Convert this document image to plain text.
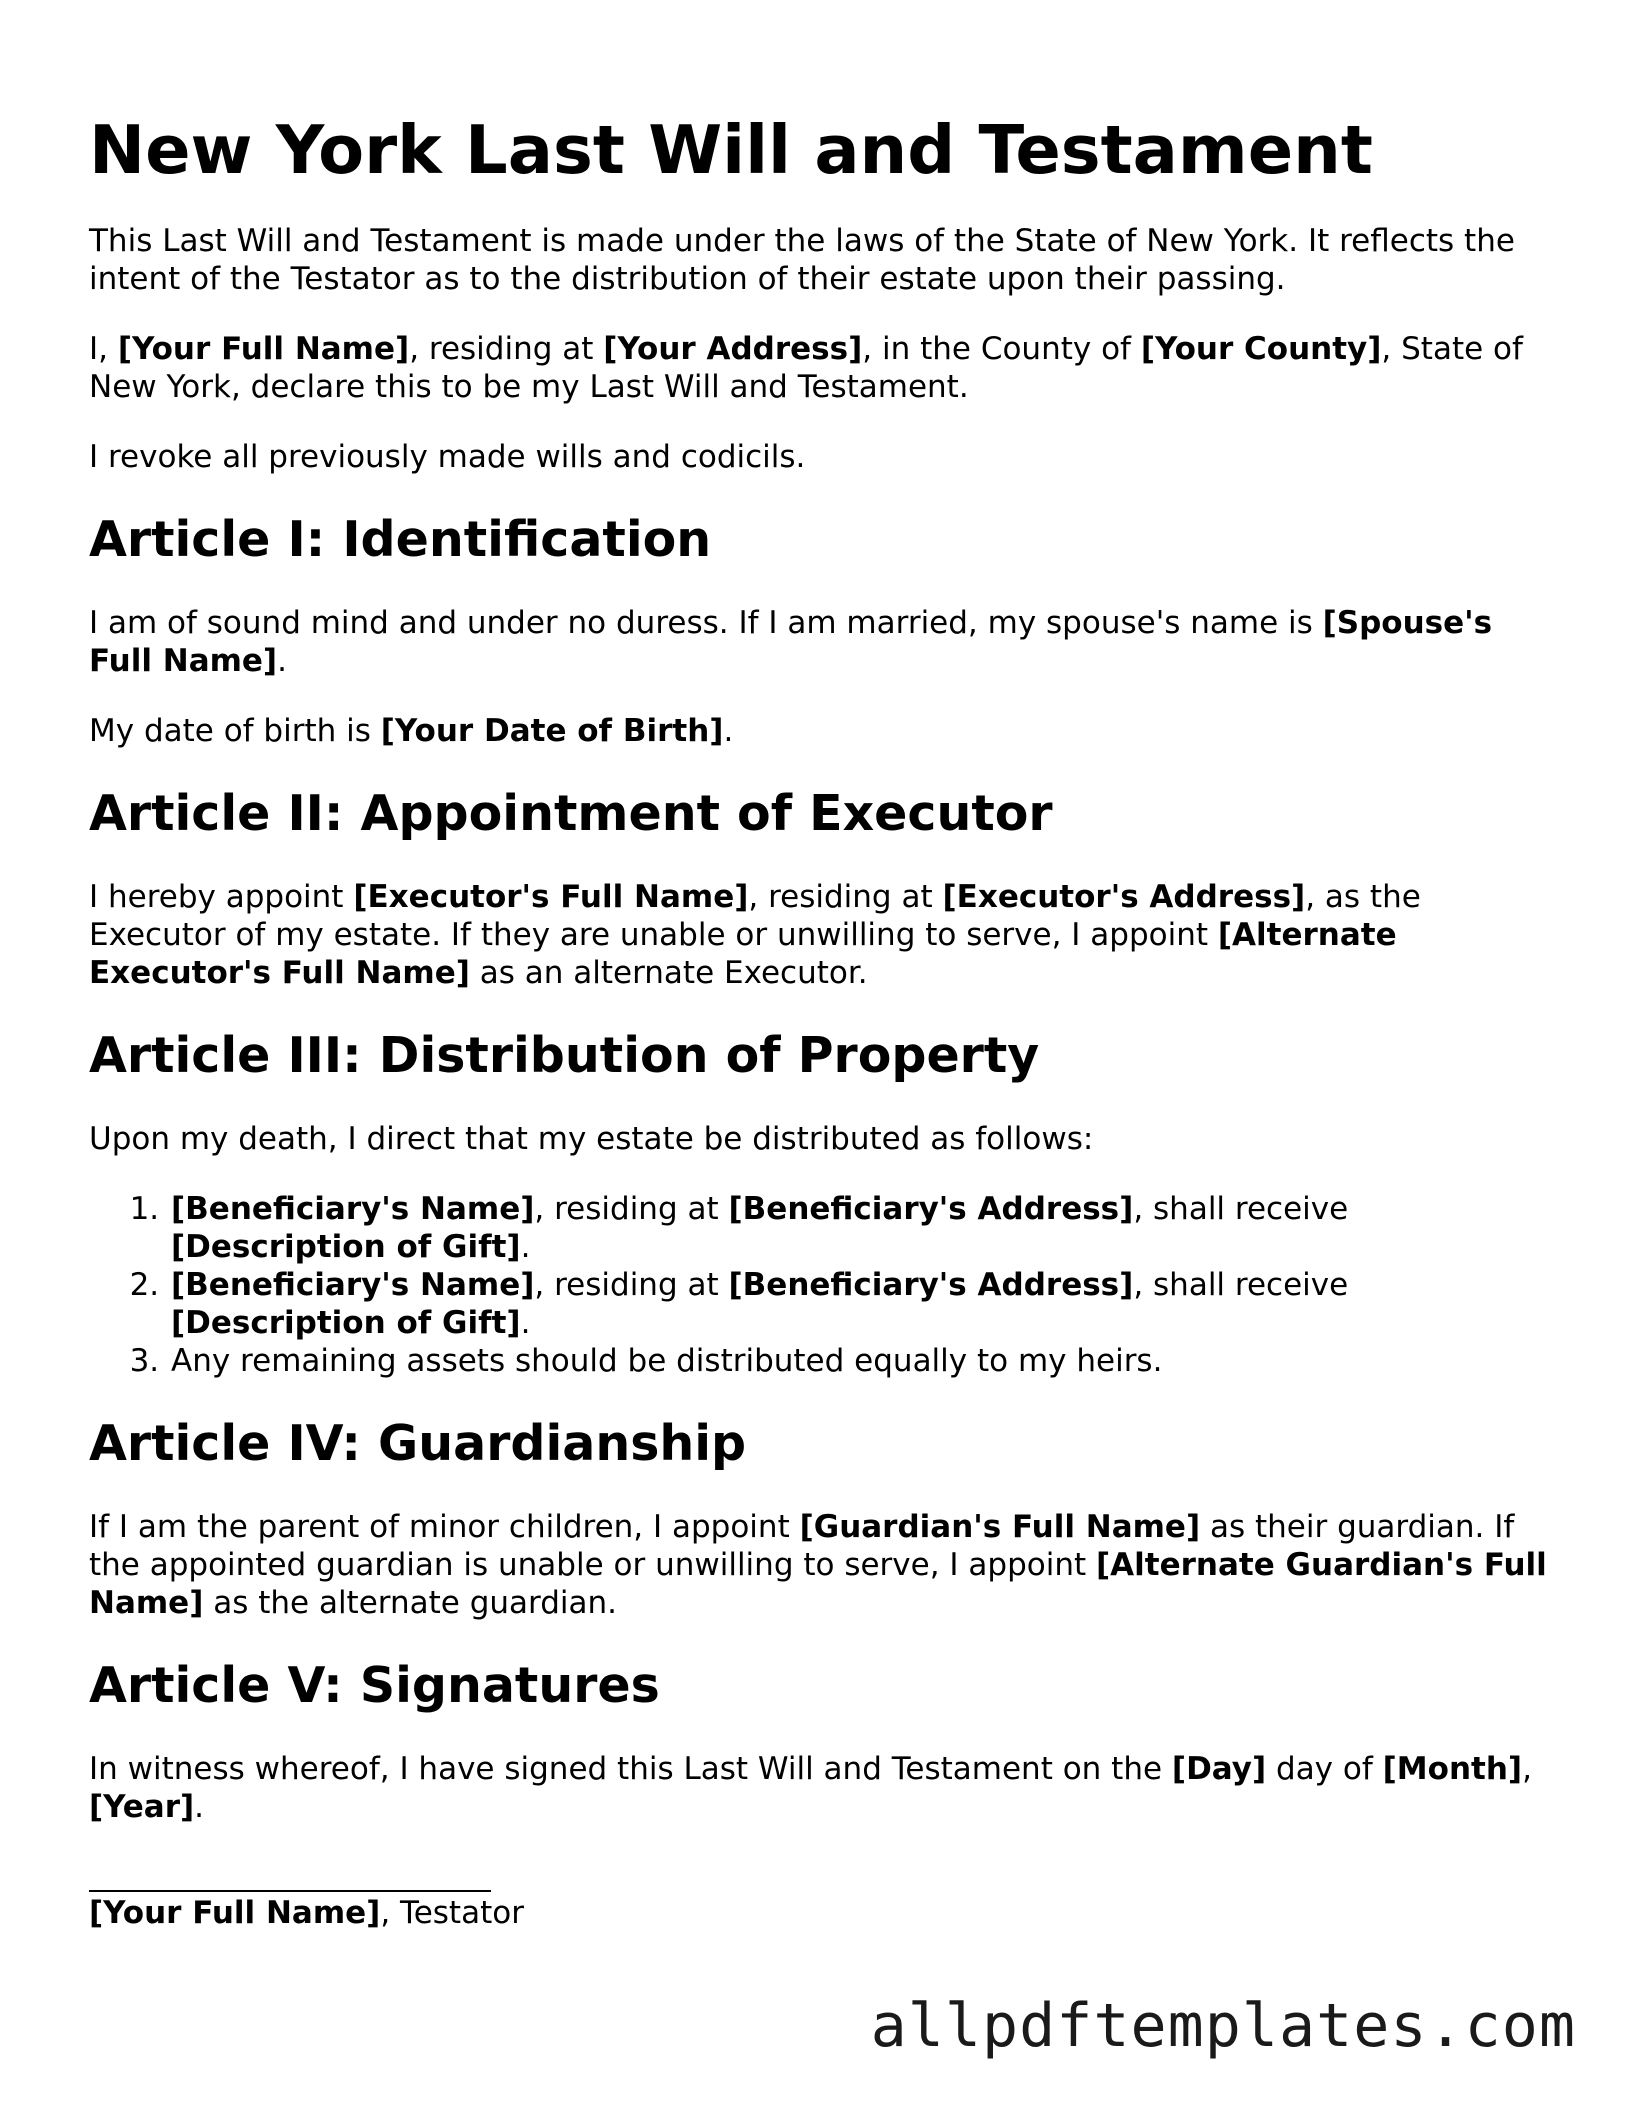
New York Last Will and Testament

This Last Will and Testament is made under the laws of the State of New York. It reflects the intent of the Testator as to the distribution of their estate upon their passing.

I, [Your Full Name], residing at [Your Address], in the County of [Your County], State of New York, declare this to be my Last Will and Testament.

I revoke all previously made wills and codicils.

Article I: Identification

I am of sound mind and under no duress. If I am married, my spouse's name is [Spouse's Full Name].

My date of birth is [Your Date of Birth].

Article II: Appointment of Executor

I hereby appoint [Executor's Full Name], residing at [Executor's Address], as the Executor of my estate. If they are unable or unwilling to serve, I appoint [Alternate Executor's Full Name] as an alternate Executor.

Article III: Distribution of Property

Upon my death, I direct that my estate be distributed as follows:

1. [Beneficiary's Name], residing at [Beneficiary's Address], shall receive [Description of Gift].
2. [Beneficiary's Name], residing at [Beneficiary's Address], shall receive [Description of Gift].
3. Any remaining assets should be distributed equally to my heirs.
Article IV: Guardianship

If I am the parent of minor children, I appoint [Guardian's Full Name] as their guardian. If the appointed guardian is unable or unwilling to serve, I appoint [Alternate Guardian's Full Name] as the alternate guardian.

Article V: Signatures

In witness whereof, I have signed this Last Will and Testament on the [Day] day of [Month], [Year].

[Your Full Name], Testator

allpdftemplates.com
